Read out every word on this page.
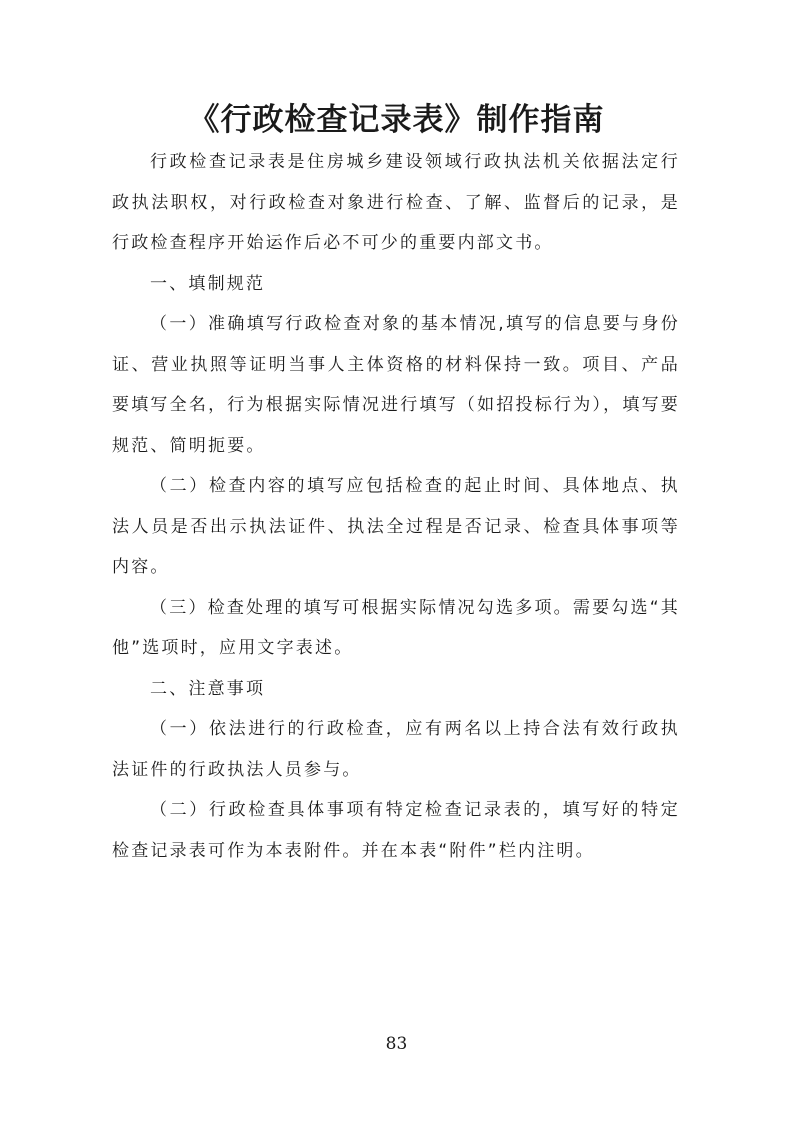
《行政检查记录表》制作指南

行政检查记录表是住房城乡建设领域行政执法机关依据法定行政执法职权，对行政检查对象进行检查、了解、监督后的记录，是行政检查程序开始运作后必不可少的重要内部文书。

一、填制规范

（一）准确填写行政检查对象的基本情况,填写的信息要与身份证、营业执照等证明当事人主体资格的材料保持一致。项目、产品要填写全名，行为根据实际情况进行填写（如招投标行为），填写要规范、简明扼要。

（二）检查内容的填写应包括检查的起止时间、具体地点、执法人员是否出示执法证件、执法全过程是否记录、检查具体事项等内容。

（三）检查处理的填写可根据实际情况勾选多项。需要勾选“其他”选项时，应用文字表述。

二、注意事项

（一）依法进行的行政检查，应有两名以上持合法有效行政执法证件的行政执法人员参与。

（二）行政检查具体事项有特定检查记录表的，填写好的特定检查记录表可作为本表附件。并在本表“附件”栏内注明。

83
